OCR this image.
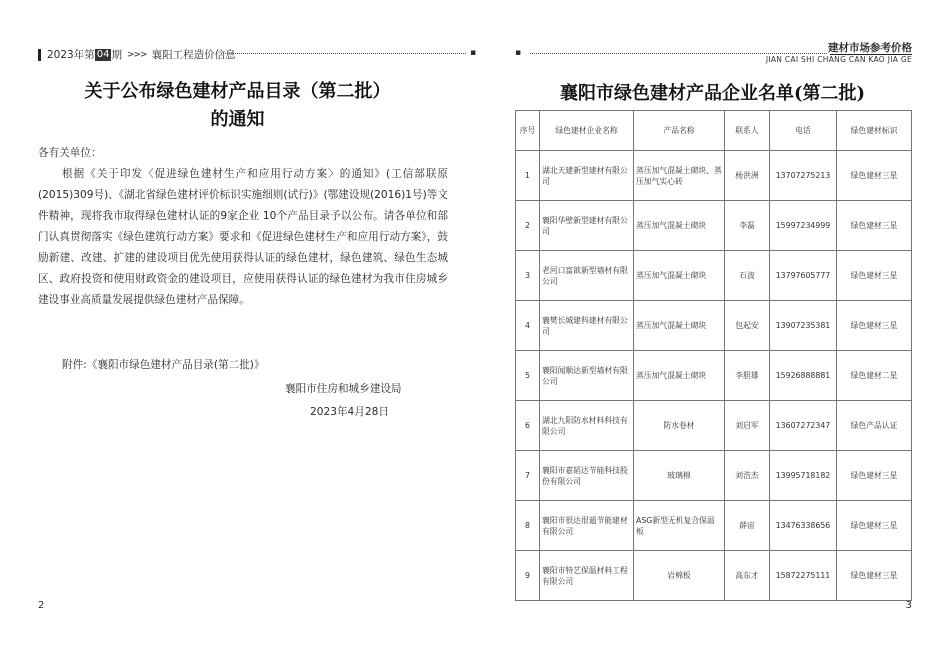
2023年第 04 期 >>> 襄阳工程造价信息	▪
关于公布绿色建材产品目录（第二批）
的通知
各有关单位：
根据《关于印发〈促进绿色建材生产和应用行动方案〉的通知》(工信部联原(2015)309号)、《湖北省绿色建材评价标识实施细则(试行)》(鄂建设规(2016)1号)等文件精神，现将我市取得绿色建材认证的9家企业 10个产品目录予以公布。请各单位和部门认真贯彻落实《绿色建筑行动方案》要求和《促进绿色建材生产和应用行动方案》，鼓励新建、改建、扩建的建设项目优先使用获得认证的绿色建材，绿色建筑、绿色生态城区、政府投资和使用财政资金的建设项目，应使用获得认证的绿色建材为我市住房城乡建设事业高质量发展提供绿色建材产品保障。
附件:《襄阳市绿色建材产品目录(第二批)》
襄阳市住房和城乡建设局
2023年4月28日
2
▪	建材市场参考价格
JIAN CAI SHI CHANG CAN KAO JIA GE
襄阳市绿色建材产品企业名单(第二批)
序号	绿色建材企业名称	产品名称	联系人	电话	绿色建材标识
1	湖北天建新型建材有限公司	蒸压加气混凝土砌块、蒸压加气实心砖	杨洪洲	13707275213	绿色建材三星
2	襄阳华壁新型建材有限公司	蒸压加气混凝土砌块	李磊	15997234999	绿色建材三星
3	老河口富歆新型墙材有限公司	蒸压加气混凝土砌块	石波	13797605777	绿色建材三星
4	襄樊长城建科建材有限公司	蒸压加气混凝土砌块	包起安	13907235381	绿色建材三星
5	襄阳闻顺达新型墙材有限公司	蒸压加气混凝土砌块	李胆雄	15926888881	绿色建材二星
6	湖北九阳防水材料科技有限公司	防水卷材	刘启军	13607272347	绿色产品认证
7	襄阳市嘉韬达节能科技股份有限公司	玻璃棉	刘浩杰	13995718182	绿色建材三星
8	襄阳市很达很遁节能建材有限公司	ASG新型无机复合保温板	薛宙	13476338656	绿色建材三星
9	襄阳市特艺保温材料工程有限公司	岩棉板	高东才	15872275111	绿色建材三星
3
